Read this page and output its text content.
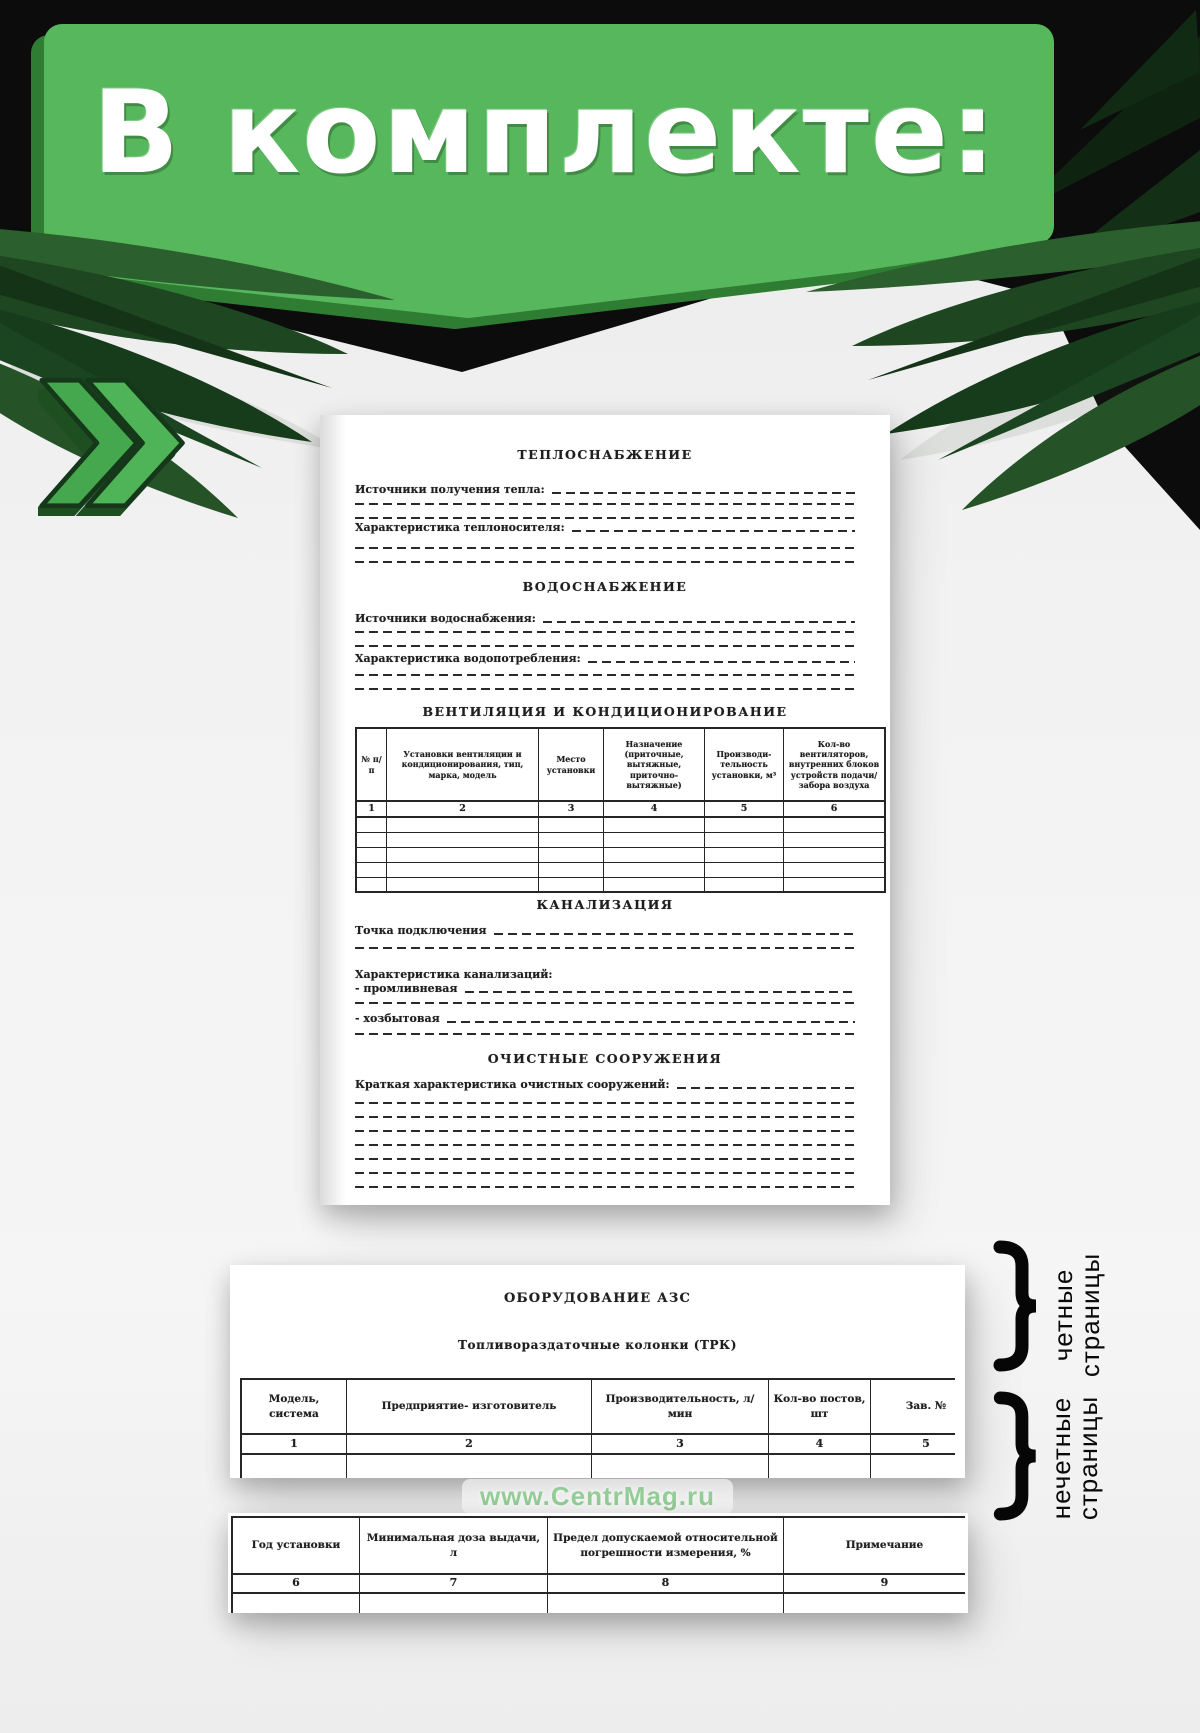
В комплекте:
ТЕПЛОСНАБЖЕНИЕ
Источники получения тепла:
Характеристика теплоносителя:
ВОДОСНАБЖЕНИЕ
Источники водоснабжения:
Характеристика водопотребления:
ВЕНТИЛЯЦИЯ И КОНДИЦИОНИРОВАНИЕ
№ п/п	Установки вентиляции и кондиционирования, тип, марка, модель	Место установки	Назначение (приточные, вытяжные, приточно-вытяжные)	Производи- тельность установки, м³	Кол-во вентиляторов, внутренних блоков устройств подачи/ забора воздуха
1	2	3	4	5	6

КАНАЛИЗАЦИЯ
Точка подключения
Характеристика канализаций:
- промливневая
- хозбытовая
ОЧИСТНЫЕ СООРУЖЕНИЯ
Краткая характеристика очистных сооружений:
ОБОРУДОВАНИЕ АЗС
Топливораздаточные колонки (ТРК)
Модель, система	Предприятие- изготовитель	Производительность, л/мин	Кол-во постов, шт	Зав. №
1	2	3	4	5

www.CentrMag.ru
Год установки	Минимальная доза выдачи, л	Предел допускаемой относительной погрешности измерения, %	Примечание
6	7	8	9

четные страницы
нечетные страницы
